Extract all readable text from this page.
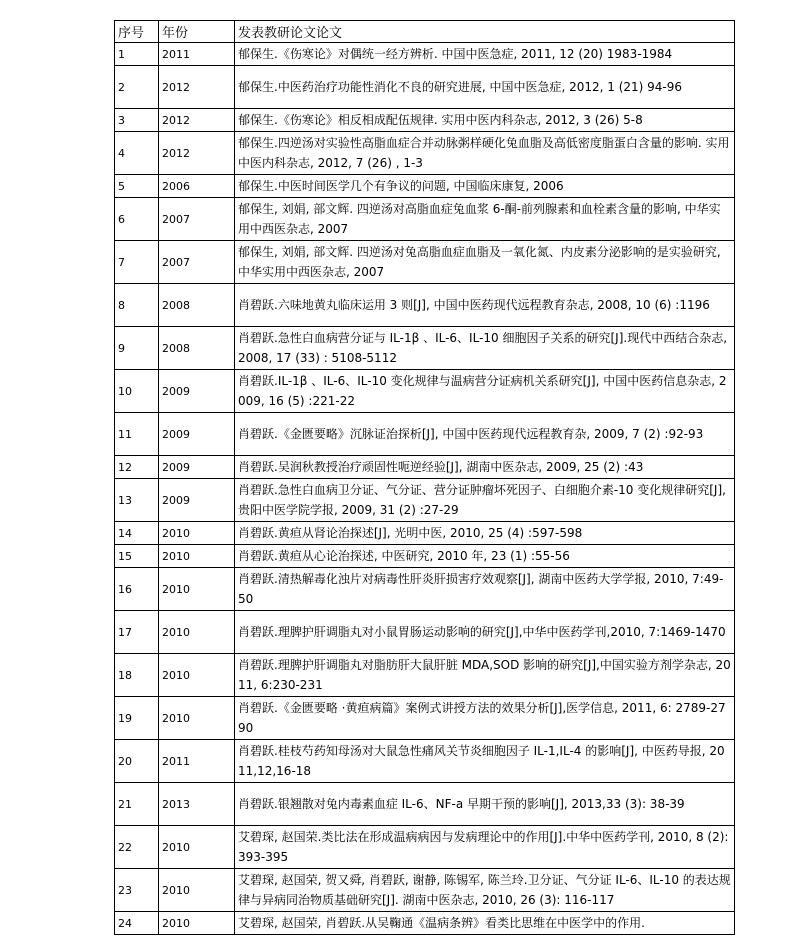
序号	年份	发表教研论文论文
1	2011	郁保生.《伤寒论》对偶统一经方辨析. 中国中医急症, 2011, 12 (20) 1983-1984
2	2012	郁保生.中医药治疗功能性消化不良的研究进展, 中国中医急症, 2012, 1 (21) 94-96
3	2012	郁保生.《伤寒论》相反相成配伍规律. 实用中医内科杂志, 2012, 3 (26) 5-8
4	2012	郁保生.四逆汤对实验性高脂血症合并动脉粥样硬化兔血脂及高低密度脂蛋白含量的影响. 实用中医内科杂志, 2012, 7 (26) , 1-3
5	2006	郁保生.中医时间医学几个有争议的问题, 中国临床康复, 2006
6	2007	郁保生, 刘娟, 部文辉. 四逆汤对高脂血症兔血浆 6-酮-前列腺素和血栓素含量的影响, 中华实用中西医杂志, 2007
7	2007	郁保生, 刘娟, 部文辉. 四逆汤对兔高脂血症血脂及一氧化氮、内皮素分泌影响的是实验研究, 中华实用中西医杂志, 2007
8	2008	肖碧跃.六味地黄丸临床运用 3 则[J], 中国中医药现代远程教育杂志, 2008, 10 (6) :1196
9	2008	肖碧跃.急性白血病营分证与 IL-1β 、IL-6、IL-10 细胞因子关系的研究[J].现代中西结合杂志, 2008, 17 (33) : 5108-5112
10	2009	肖碧跃.IL-1β 、IL-6、IL-10 变化规律与温病营分证病机关系研究[J], 中国中医药信息杂志, 2009, 16 (5) :221-22
11	2009	肖碧跃.《金匮要略》沉脉证治探析[J], 中国中医药现代远程教育杂, 2009, 7 (2) :92-93
12	2009	肖碧跃.吴润秋教授治疗顽固性呃逆经验[J], 湖南中医杂志, 2009, 25 (2) :43
13	2009	肖碧跃.急性白血病卫分证、气分证、营分证肿瘤坏死因子、白细胞介素-10 变化规律研究[J], 贵阳中医学院学报, 2009, 31 (2) :27-29
14	2010	肖碧跃.黄疸从肾论治探述[J], 光明中医, 2010, 25 (4) :597-598
15	2010	肖碧跃.黄疸从心论治探述, 中医研究, 2010 年, 23 (1) :55-56
16	2010	肖碧跃.清热解毒化浊片对病毒性肝炎肝损害疗效观察[J], 湖南中医药大学学报, 2010, 7:49-50
17	2010	肖碧跃.理脾护肝调脂丸对小鼠胃肠运动影响的研究[J],中华中医药学刊,2010, 7:1469-1470
18	2010	肖碧跃.理脾护肝调脂丸对脂肪肝大鼠肝脏 MDA,SOD 影响的研究[J],中国实验方剂学杂志, 2011, 6:230-231
19	2010	肖碧跃.《金匮要略 ·黄疸病篇》案例式讲授方法的效果分析[J],医学信息, 2011, 6: 2789-2790
20	2011	肖碧跃.桂枝芍药知母汤对大鼠急性痛风关节炎细胞因子 IL-1,IL-4 的影响[J], 中医药导报, 2011,12,16-18
21	2013	肖碧跃.银翘散对兔内毒素血症 IL-6、NF-a 早期干预的影响[J], 2013,33 (3): 38-39
22	2010	艾碧琛, 赵国荣.类比法在形成温病病因与发病理论中的作用[J].中华中医药学刊, 2010, 8 (2): 393-395
23	2010	艾碧琛, 赵国荣, 贺又舜, 肖碧跃, 谢静, 陈锡军, 陈兰玲.卫分证、气分证 IL-6、IL-10 的表达规律与异病同治物质基础研究[J]. 湖南中医杂志, 2010, 26 (3): 116-117
24	2010	艾碧琛, 赵国荣, 肖碧跃.从吴鞠通《温病条辨》看类比思维在中医学中的作用.
